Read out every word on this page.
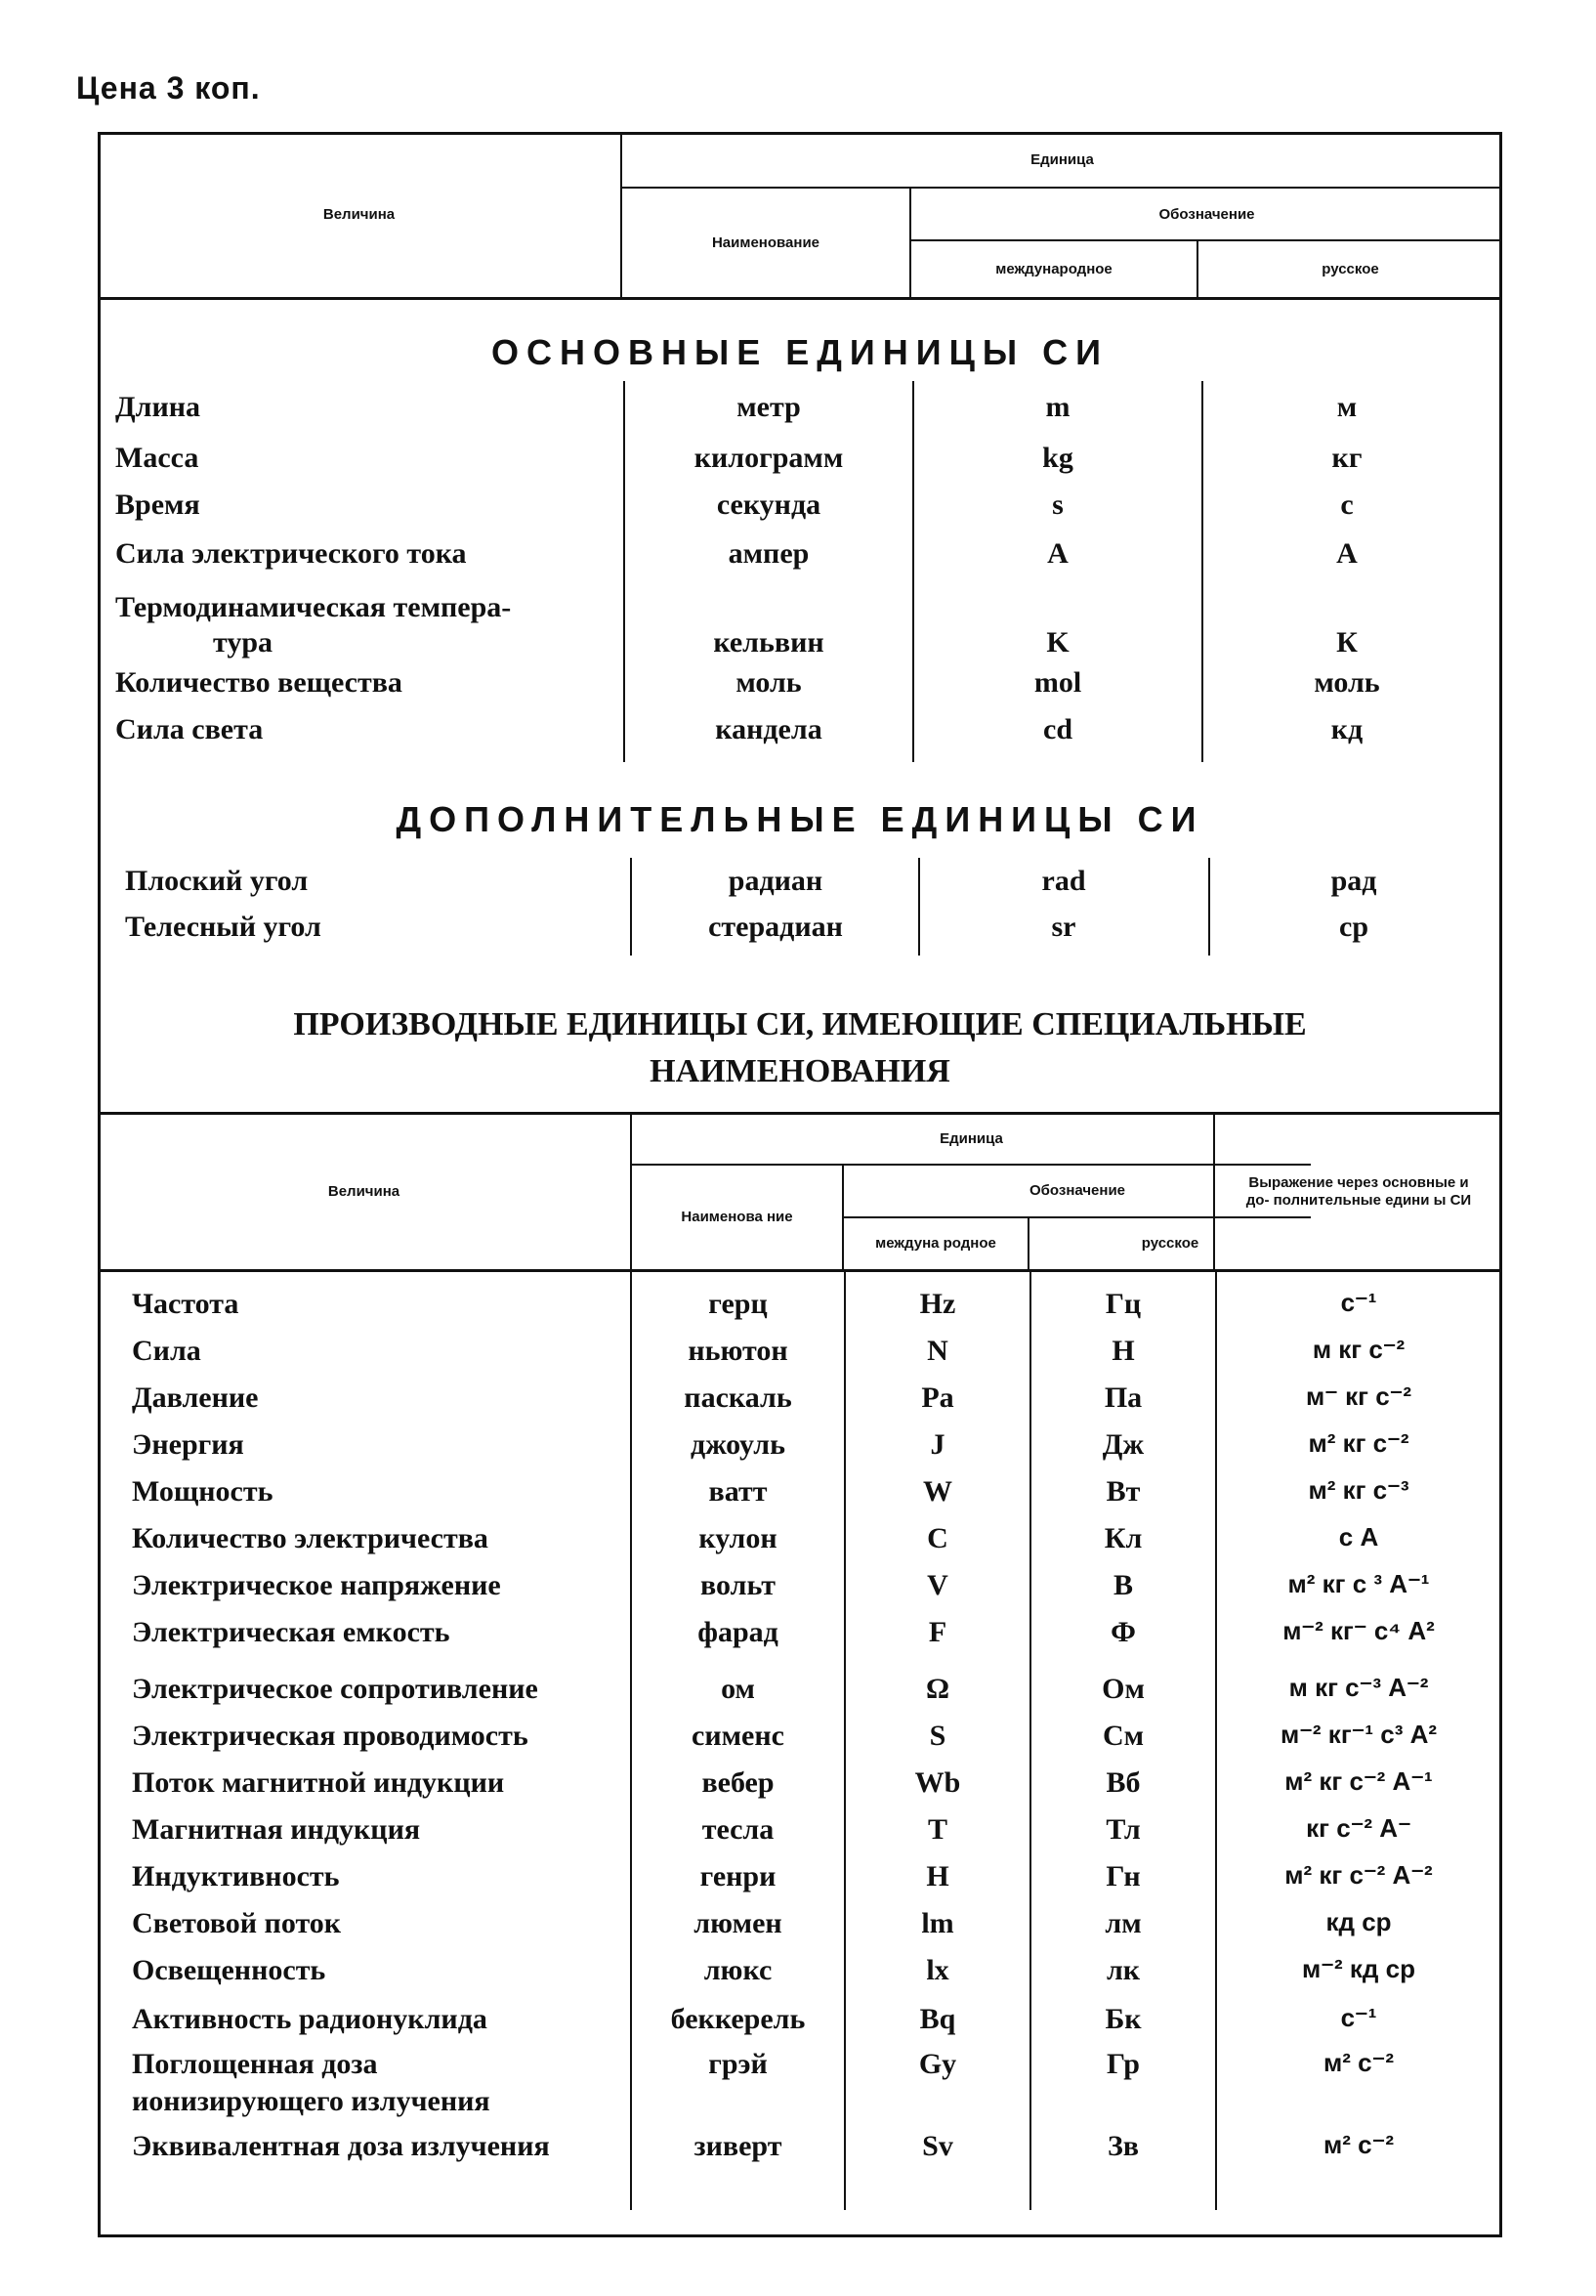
Цена 3 коп.
Величина
Единица
Наименование
Обозначение
международное	русское
ОСНОВНЫЕ ЕДИНИЦЫ СИ
Длина	метр	m	м
Масса	килограмм	kg	кг
Время	секунда	s	с
Сила электрического тока	ампер	A	А
Термодинамическая темпера-
тура	кельвин	K	К
Количество вещества	моль	mol	моль
Сила света	кандела	cd	кд
ДОПОЛНИТЕЛЬНЫЕ ЕДИНИЦЫ СИ
Плоский угол	радиан	rad	рад
Телесный угол	стерадиан	sr	ср
ПРОИЗВОДНЫЕ ЕДИНИЦЫ СИ, ИМЕЮЩИЕ СПЕЦИАЛЬНЫЕ
НАИМЕНОВАНИЯ
Величина
Единица
Наименова ние
Обозначение
междуна родное	русское
Выражение через основные и до- полнительные едини ы СИ
Частота	герц	Hz	Гц	с⁻¹
Сила	ньютон	N	Н	м кг с⁻²
Давление	паскаль	Pa	Па	м⁻ кг с⁻²
Энергия	джоуль	J	Дж	м² кг с⁻²
Мощность	ватт	W	Вт	м² кг с⁻³
Количество электричества	кулон	C	Кл	с А
Электрическое напряжение	вольт	V	В	м² кг с ³ А⁻¹
Электрическая емкость	фарад	F	Ф	м⁻² кг⁻ с⁴ А²
Электрическое сопротивление	ом	Ω	Ом	м кг с⁻³ А⁻²
Электрическая проводимость	сименс	S	См	м⁻² кг⁻¹ с³ А²
Поток магнитной индукции	вебер	Wb	Вб	м² кг с⁻² А⁻¹
Магнитная индукция	тесла	T	Тл	кг с⁻² А⁻
Индуктивность	генри	H	Гн	м² кг с⁻² А⁻²
Световой поток	люмен	lm	лм	кд ср
Освещенность	люкс	lx	лк	м⁻² кд ср
Активность радионуклида	беккерель	Bq	Бк	с⁻¹
Поглощенная доза
ионизирующего излучения
грэй	Gy	Гр	м² с⁻²
Эквивалентная доза излучения	зиверт	Sv	Зв	м² с⁻²
